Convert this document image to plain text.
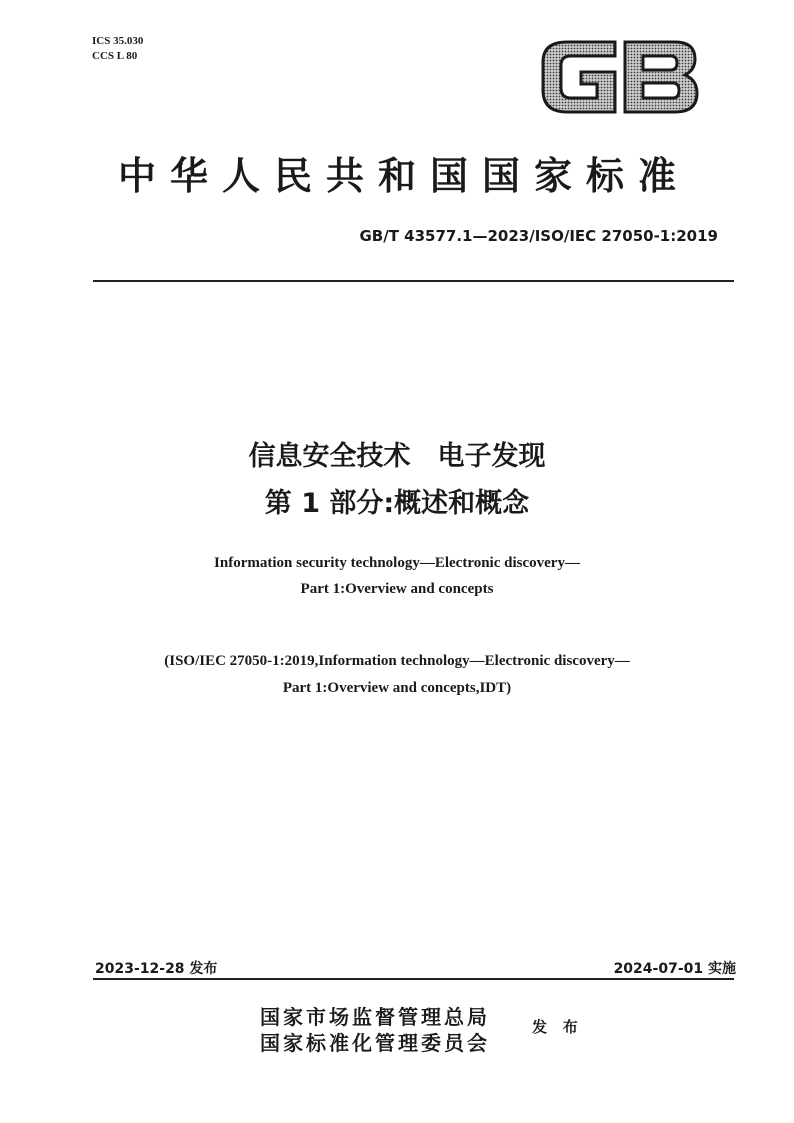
ICS 35.030
CCS L 80
中华人民共和国国家标准
GB/T 43577.1—2023/ISO/IEC 27050-1:2019
信息安全技术　电子发现
第 1 部分:概述和概念
Information security technology—Electronic discovery—
Part 1:Overview and concepts
(ISO/IEC 27050-1:2019,Information technology—Electronic discovery—
Part 1:Overview and concepts,IDT)
2023-12-28 发布	2024-07-01 实施
国家市场监督管理总局
国家标准化管理委员会
发 布
